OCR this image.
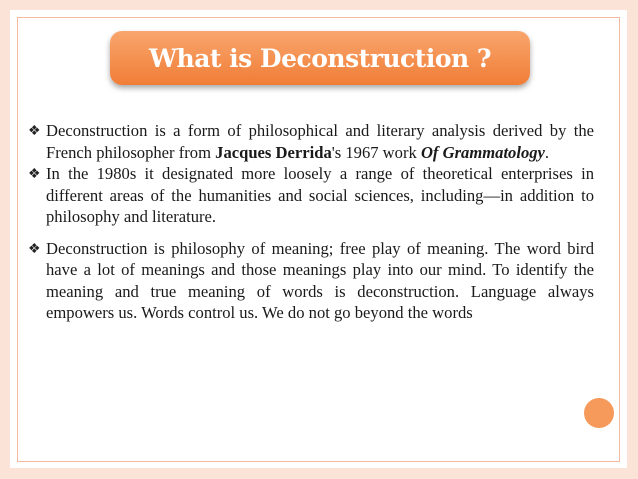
What is Deconstruction ?
❖ Deconstruction is a form of philosophical and literary analysis derived by the French philosopher from Jacques Derrida's 1967 work Of Grammatology.
❖ In the 1980s it designated more loosely a range of theoretical enterprises in different areas of the humanities and social sciences, including—in addition to philosophy and literature.
❖ Deconstruction is philosophy of meaning; free play of meaning. The word bird have a lot of meanings and those meanings play into our mind. To identify the meaning and true meaning of words is deconstruction. Language always empowers us. Words control us. We do not go beyond the words
